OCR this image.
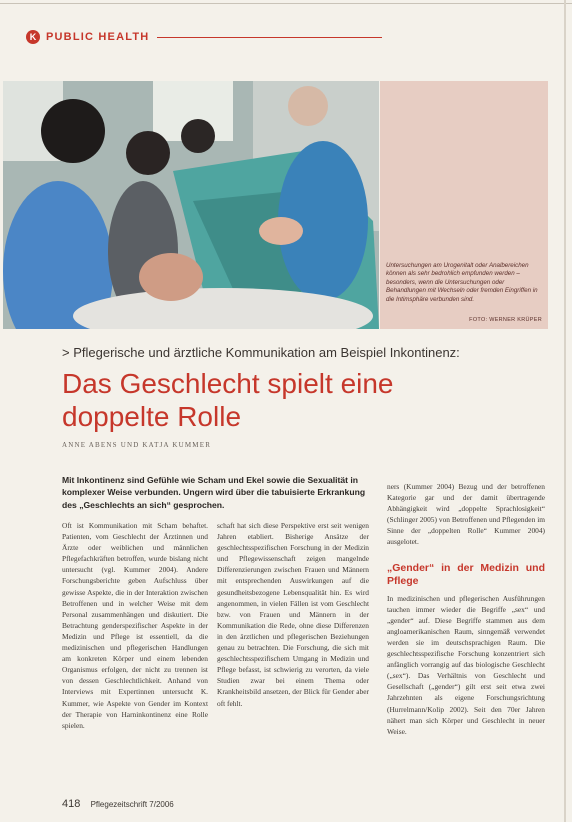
K PUBLIC HEALTH
Untersuchungen am Urogenitalt oder Analbereichen können als sehr bedrohlich empfunden werden – besonders, wenn die Untersuchungen oder Behandlungen mit Wechseln oder fremden Eingriffen in die Intimsphäre verbunden sind.
FOTO: WERNER KRÜPER
> Pflegerische und ärztliche Kommunikation am Beispiel Inkontinenz:
Das Geschlecht spielt eine
doppelte Rolle
ANNE ABENS UND KATJA KUMMER
Mit Inkontinenz sind Gefühle wie Scham und Ekel sowie die Sexualität in komplexer Weise verbunden. Ungern wird über die tabuisierte Erkrankung des „Geschlechts an sich“ gesprochen.

Oft ist Kommunikation mit Scham behaftet. Patienten, vom Geschlecht der Ärztinnen und Ärzte oder weiblichen und männlichen Pflegefachkräften betroffen, wurde bislang nicht untersucht (vgl. Kummer 2004). Andere Forschungsberichte geben Aufschluss über gewisse Aspekte, die in der Interaktion zwischen Betroffenen und in welcher Weise mit dem Personal zusammenhängen und diskutiert. Die Betrachtung genderspezifischer Aspekte in der Medizin und Pflege ist essentiell, da die medizinischen und pflegerischen Handlungen am konkreten Körper und einem lebenden Organismus erfolgen, der nicht zu trennen ist von dessen Geschlechtlichkeit. Anhand von Interviews mit Expertinnen untersucht K. Kummer, wie Aspekte von Gender im Kontext der Therapie von Harninkontinenz eine Rolle spielen.

schaft hat sich diese Perspektive erst seit wenigen Jahren etabliert. Bisherige Ansätze der geschlechtsspezifischen Forschung in der Medizin und Pflegewissenschaft zeigen mangelnde Differenzierungen zwischen Frauen und Männern mit entsprechenden Auswirkungen auf die gesundheitsbezogene Lebensqualität hin. Es wird angenommen, in vielen Fällen ist vom Geschlecht bzw. von Frauen und Männern in der Kommunikation die Rede, ohne diese Differenzen in den ärztlichen und pflegerischen Beziehungen genau zu betrachten. Die Forschung, die sich mit geschlechtsspezifischem Umgang in Medizin und Pflege befasst, ist schwierig zu verorten, da viele Studien zwar bei einem Thema oder Krankheitsbild ansetzen, der Blick für Gender aber oft fehlt.

ners (Kummer 2004) Bezug und der betroffenen Kategorie gar und der damit übertragende Abhängigkeit wird „doppelte Sprachlosigkeit“ (Schlinger 2005) von Betroffenen und Pflegenden im Sinne der „doppelten Rolle“ Kummer 2004) ausgelotet.

„Gender“ in der Medizin und Pflege

In medizinischen und pflegerischen Ausführungen tauchen immer wieder die Begriffe „sex“ und „gender“ auf. Diese Begriffe stammen aus dem angloamerikanischen Raum, sinngemäß verwendet werden sie im deutschsprachigen Raum. Die geschlechtsspezifische Forschung konzentriert sich anfänglich vorrangig auf das biologische Geschlecht („sex“). Das Verhältnis von Geschlecht und Gesellschaft („gender“) gilt erst seit etwa zwei Jahrzehnten als eigene Forschungsrichtung (Hurrelmann/Kolip 2002). Seit den 70er Jahren nähert man sich Körper und Geschlecht in neuer Weise.

418 Pflegezeitschrift 7/2006
